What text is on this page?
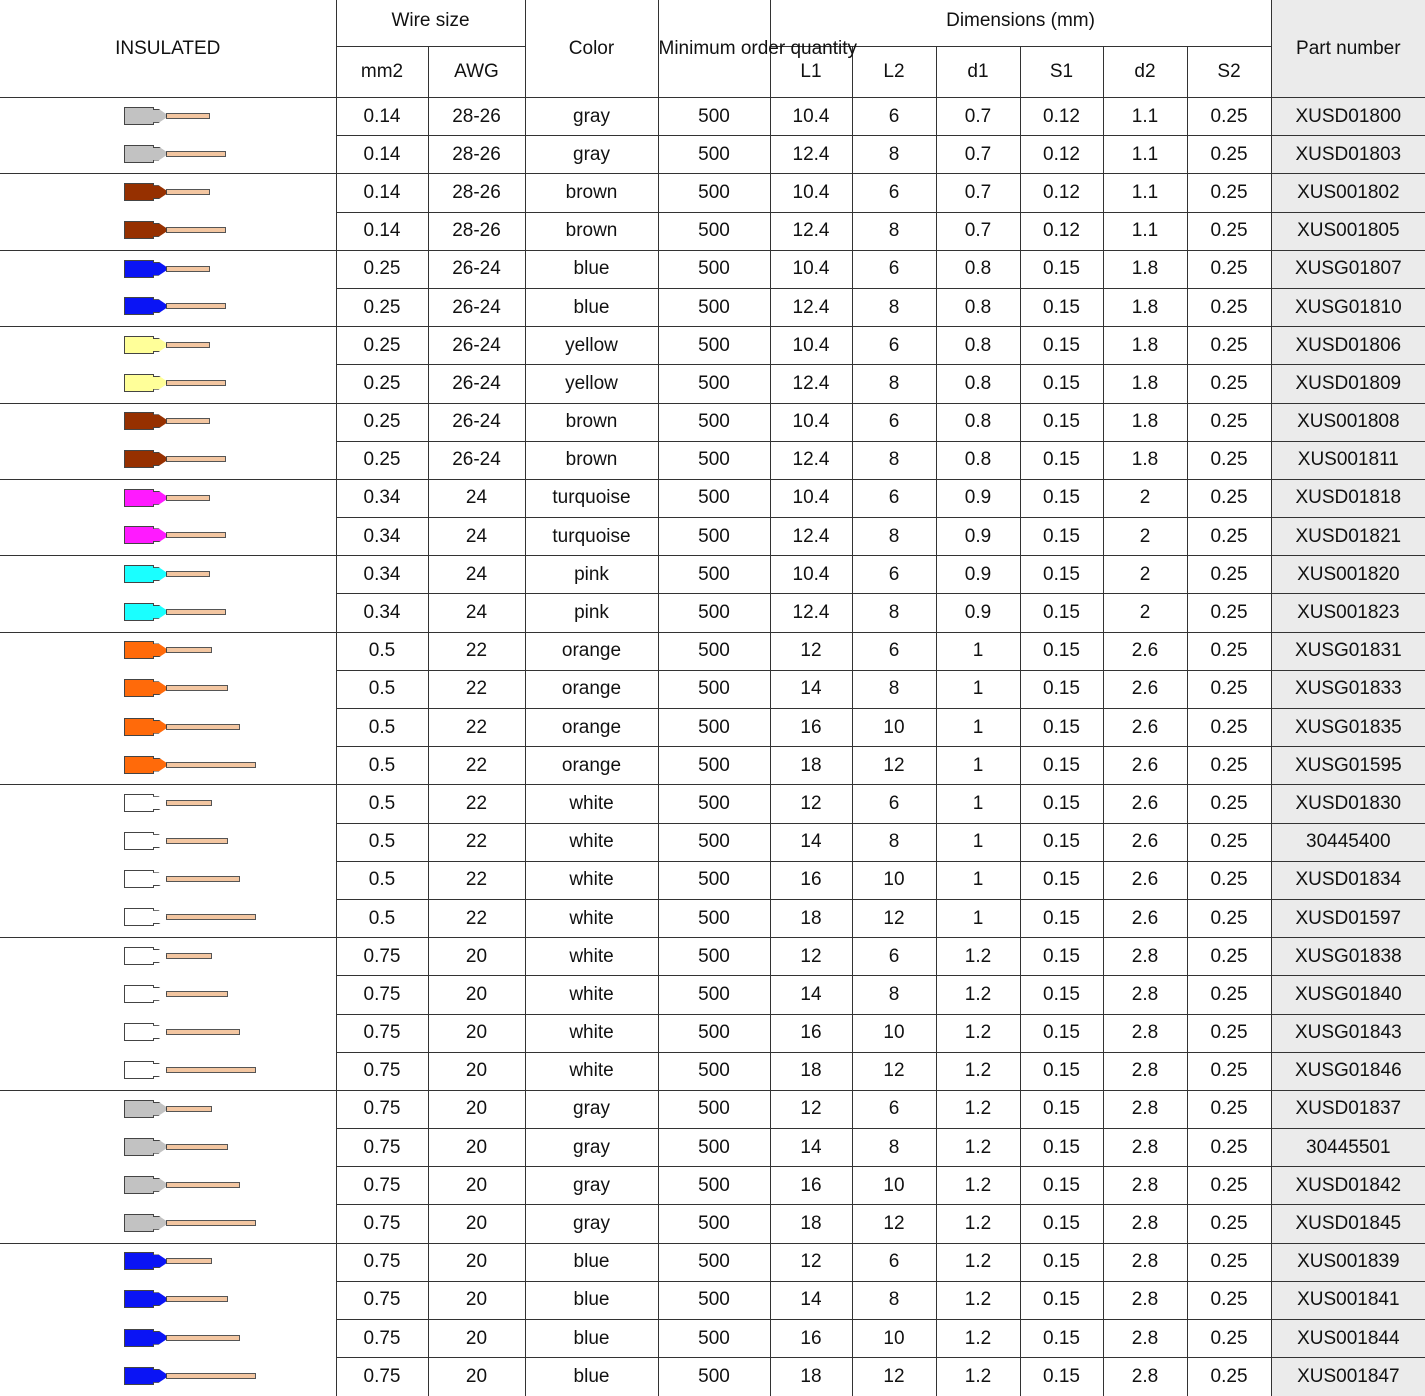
INSULATED	Wire size		Color	Minimum order quantity	Dimensions (mm)						Part number
	mm2	AWG			L1	L2	d1	S1	d2	S2	

	0.14	28-26	gray	500	10.4	6	0.7	0.12	1.1	0.25	XUSD01800

	0.14	28-26	gray	500	12.4	8	0.7	0.12	1.1	0.25	XUSD01803

	0.14	28-26	brown	500	10.4	6	0.7	0.12	1.1	0.25	XUS001802

	0.14	28-26	brown	500	12.4	8	0.7	0.12	1.1	0.25	XUS001805

	0.25	26-24	blue	500	10.4	6	0.8	0.15	1.8	0.25	XUSG01807

	0.25	26-24	blue	500	12.4	8	0.8	0.15	1.8	0.25	XUSG01810

	0.25	26-24	yellow	500	10.4	6	0.8	0.15	1.8	0.25	XUSD01806

	0.25	26-24	yellow	500	12.4	8	0.8	0.15	1.8	0.25	XUSD01809

	0.25	26-24	brown	500	10.4	6	0.8	0.15	1.8	0.25	XUS001808

	0.25	26-24	brown	500	12.4	8	0.8	0.15	1.8	0.25	XUS001811

	0.34	24	turquoise	500	10.4	6	0.9	0.15	2	0.25	XUSD01818

	0.34	24	turquoise	500	12.4	8	0.9	0.15	2	0.25	XUSD01821

	0.34	24	pink	500	10.4	6	0.9	0.15	2	0.25	XUS001820

	0.34	24	pink	500	12.4	8	0.9	0.15	2	0.25	XUS001823

	0.5	22	orange	500	12	6	1	0.15	2.6	0.25	XUSG01831

	0.5	22	orange	500	14	8	1	0.15	2.6	0.25	XUSG01833

	0.5	22	orange	500	16	10	1	0.15	2.6	0.25	XUSG01835

	0.5	22	orange	500	18	12	1	0.15	2.6	0.25	XUSG01595

	0.5	22	white	500	12	6	1	0.15	2.6	0.25	XUSD01830

	0.5	22	white	500	14	8	1	0.15	2.6	0.25	30445400

	0.5	22	white	500	16	10	1	0.15	2.6	0.25	XUSD01834

	0.5	22	white	500	18	12	1	0.15	2.6	0.25	XUSD01597

	0.75	20	white	500	12	6	1.2	0.15	2.8	0.25	XUSG01838

	0.75	20	white	500	14	8	1.2	0.15	2.8	0.25	XUSG01840

	0.75	20	white	500	16	10	1.2	0.15	2.8	0.25	XUSG01843

	0.75	20	white	500	18	12	1.2	0.15	2.8	0.25	XUSG01846

	0.75	20	gray	500	12	6	1.2	0.15	2.8	0.25	XUSD01837

	0.75	20	gray	500	14	8	1.2	0.15	2.8	0.25	30445501

	0.75	20	gray	500	16	10	1.2	0.15	2.8	0.25	XUSD01842

	0.75	20	gray	500	18	12	1.2	0.15	2.8	0.25	XUSD01845

	0.75	20	blue	500	12	6	1.2	0.15	2.8	0.25	XUS001839

	0.75	20	blue	500	14	8	1.2	0.15	2.8	0.25	XUS001841

	0.75	20	blue	500	16	10	1.2	0.15	2.8	0.25	XUS001844

	0.75	20	blue	500	18	12	1.2	0.15	2.8	0.25	XUS001847
